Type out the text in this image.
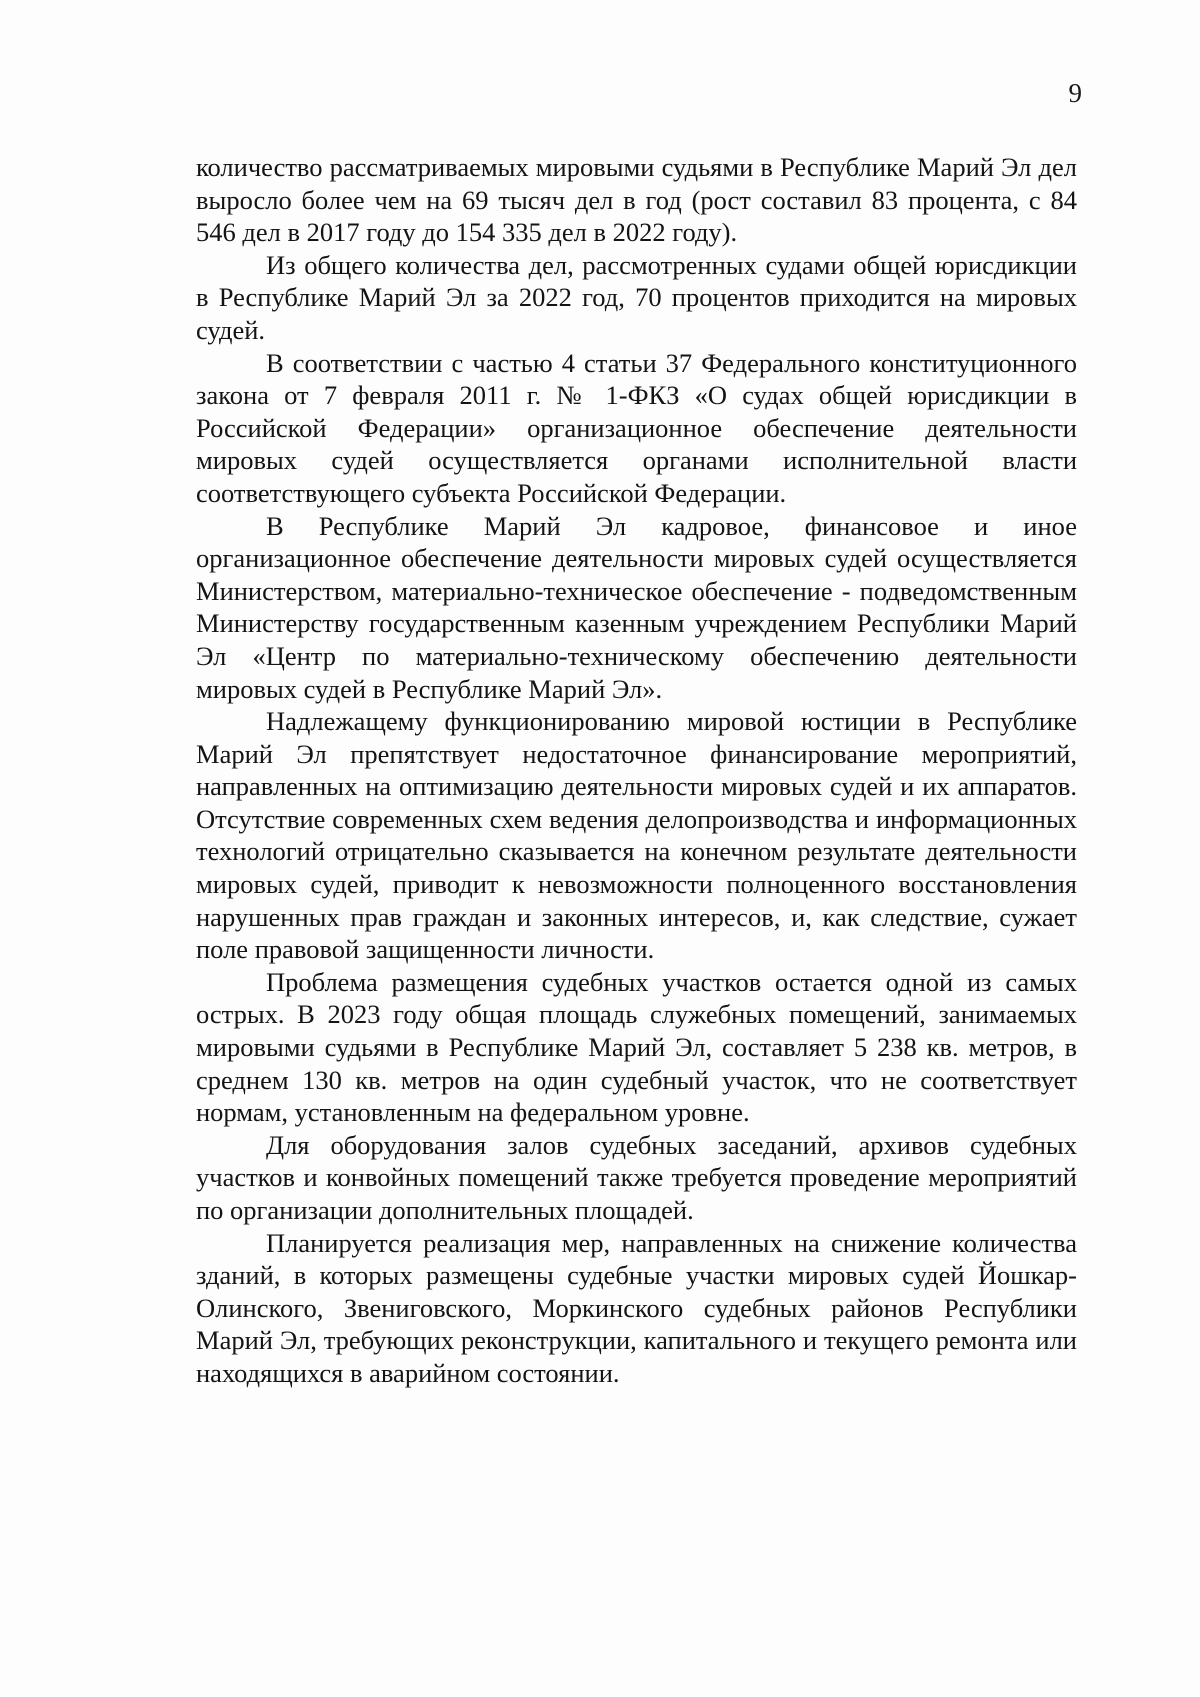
9

количество рассматриваемых мировыми судьями в Республике Марий Эл дел выросло более чем на 69 тысяч дел в год (рост составил 83 процента, с 84 546 дел в 2017 году до 154 335 дел в 2022 году).

Из общего количества дел, рассмотренных судами общей юрисдикции в Республике Марий Эл за 2022 год, 70 процентов приходится на мировых судей.

В соответствии с частью 4 статьи 37 Федерального конституционного закона от 7 февраля 2011 г. № 1-ФКЗ «О судах общей юрисдикции в Российской Федерации» организационное обеспечение деятельности мировых судей осуществляется органами исполнительной власти соответствующего субъекта Российской Федерации.

В Республике Марий Эл кадровое, финансовое и иное организационное обеспечение деятельности мировых судей осуществляется Министерством, материально-техническое обеспечение - подведомственным Министерству государственным казенным учреждением Республики Марий Эл «Центр по материально-техническому обеспечению деятельности мировых судей в Республике Марий Эл».

Надлежащему функционированию мировой юстиции в Республике Марий Эл препятствует недостаточное финансирование мероприятий, направленных на оптимизацию деятельности мировых судей и их аппаратов. Отсутствие современных схем ведения делопроизводства и информационных технологий отрицательно сказывается на конечном результате деятельности мировых судей, приводит к невозможности полноценного восстановления нарушенных прав граждан и законных интересов, и, как следствие, сужает поле правовой защищенности личности.

Проблема размещения судебных участков остается одной из самых острых. В 2023 году общая площадь служебных помещений, занимаемых мировыми судьями в Республике Марий Эл, составляет 5 238 кв. метров, в среднем 130 кв. метров на один судебный участок, что не соответствует нормам, установленным на федеральном уровне.

Для оборудования залов судебных заседаний, архивов судебных участков и конвойных помещений также требуется проведение мероприятий по организации дополнительных площадей.

Планируется реализация мер, направленных на снижение количества зданий, в которых размещены судебные участки мировых судей Йошкар-Олинского, Звениговского, Моркинского судебных районов Республики Марий Эл, требующих реконструкции, капитального и текущего ремонта или находящихся в аварийном состоянии.
